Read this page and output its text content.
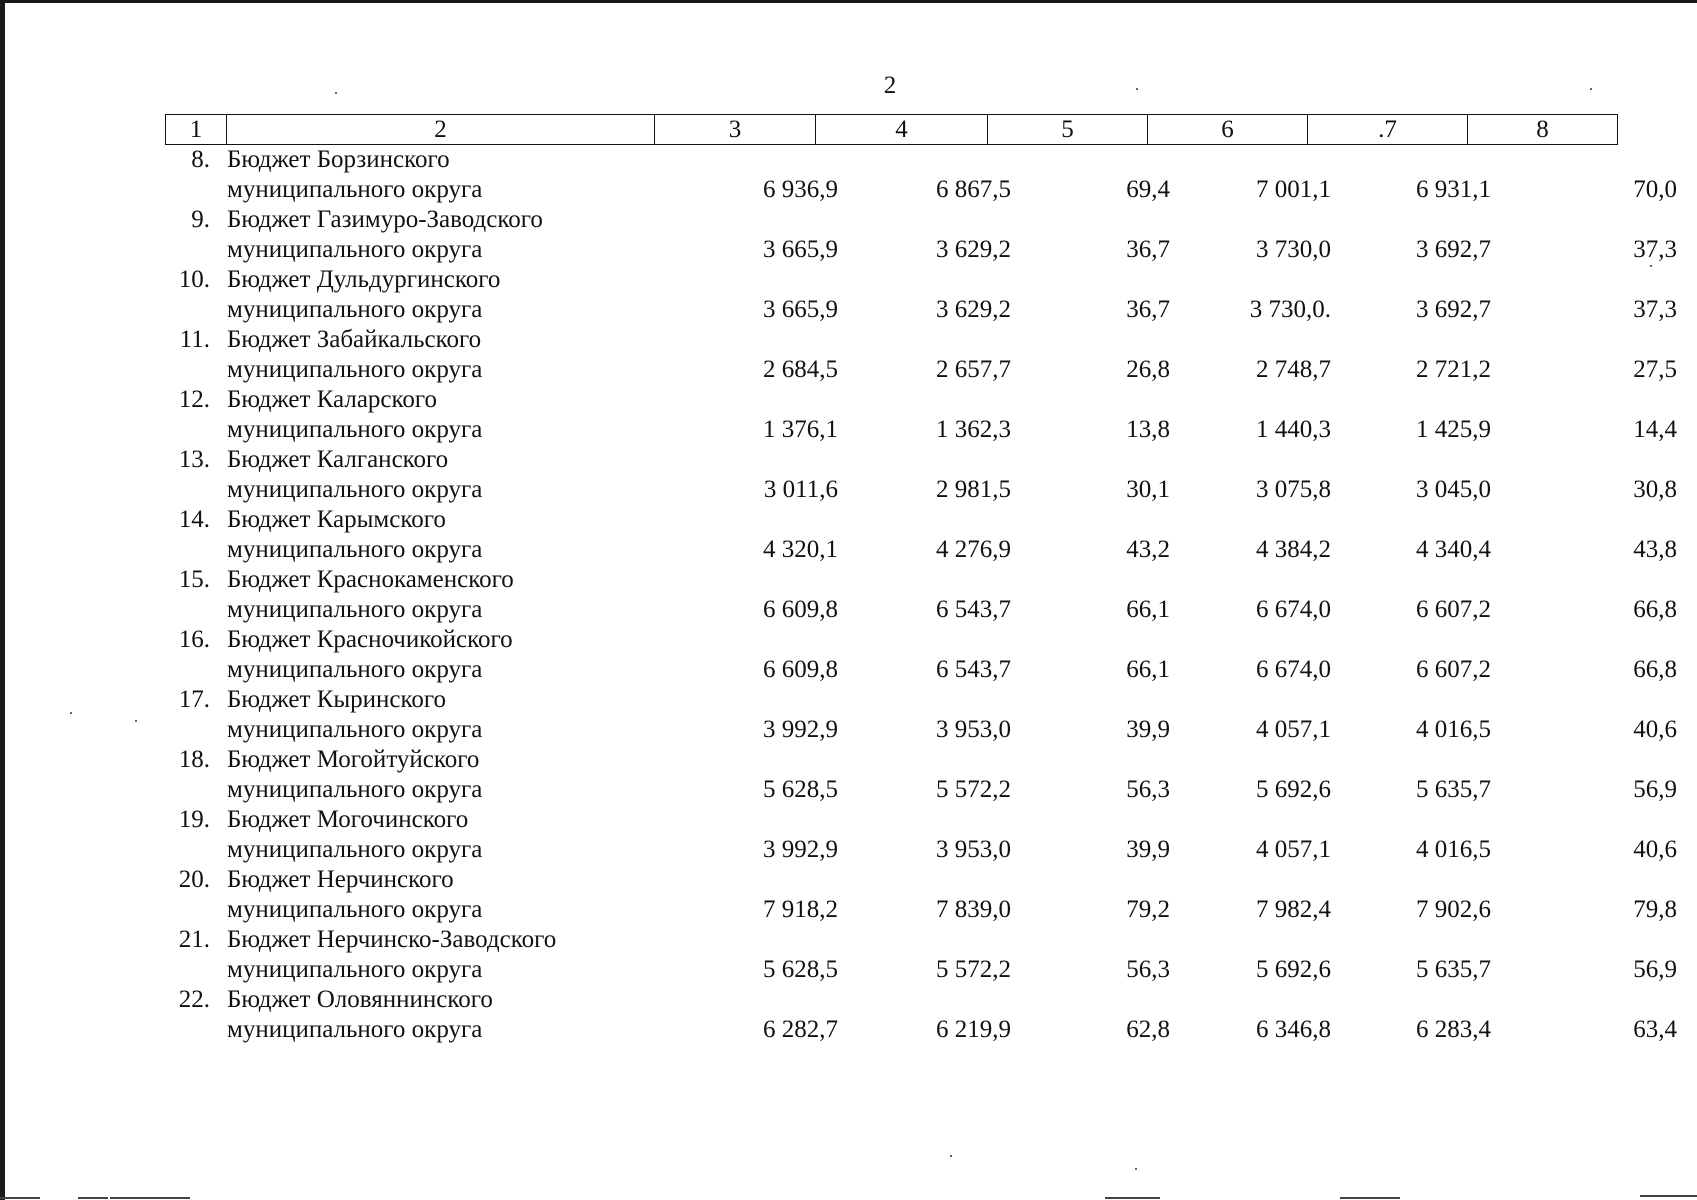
2
1	2	3	4	5	6	.7	8
8. Бюджет Борзинского
муниципального округа	6 936,9	6 867,5	69,4	7 001,1	6 931,1	70,0
9. Бюджет Газимуро-Заводского
муниципального округа	3 665,9	3 629,2	36,7	3 730,0	3 692,7	37,3
10. Бюджет Дульдургинского
муниципального округа	3 665,9	3 629,2	36,7	3 730,0.	3 692,7	37,3
11. Бюджет Забайкальского
муниципального округа	2 684,5	2 657,7	26,8	2 748,7	2 721,2	27,5
12. Бюджет Каларского
муниципального округа	1 376,1	1 362,3	13,8	1 440,3	1 425,9	14,4
13. Бюджет Калганского
муниципального округа	3 011,6	2 981,5	30,1	3 075,8	3 045,0	30,8
14. Бюджет Карымского
муниципального округа	4 320,1	4 276,9	43,2	4 384,2	4 340,4	43,8
15. Бюджет Краснокаменского
муниципального округа	6 609,8	6 543,7	66,1	6 674,0	6 607,2	66,8
16. Бюджет Красночикойского
муниципального округа	6 609,8	6 543,7	66,1	6 674,0	6 607,2	66,8
17. Бюджет Кыринского
муниципального округа	3 992,9	3 953,0	39,9	4 057,1	4 016,5	40,6
18. Бюджет Могойтуйского
муниципального округа	5 628,5	5 572,2	56,3	5 692,6	5 635,7	56,9
19. Бюджет Могочинского
муниципального округа	3 992,9	3 953,0	39,9	4 057,1	4 016,5	40,6
20. Бюджет Нерчинского
муниципального округа	7 918,2	7 839,0	79,2	7 982,4	7 902,6	79,8
21. Бюджет Нерчинско-Заводского
муниципального округа	5 628,5	5 572,2	56,3	5 692,6	5 635,7	56,9
22. Бюджет Оловяннинского
муниципального округа	6 282,7	6 219,9	62,8	6 346,8	6 283,4	63,4
